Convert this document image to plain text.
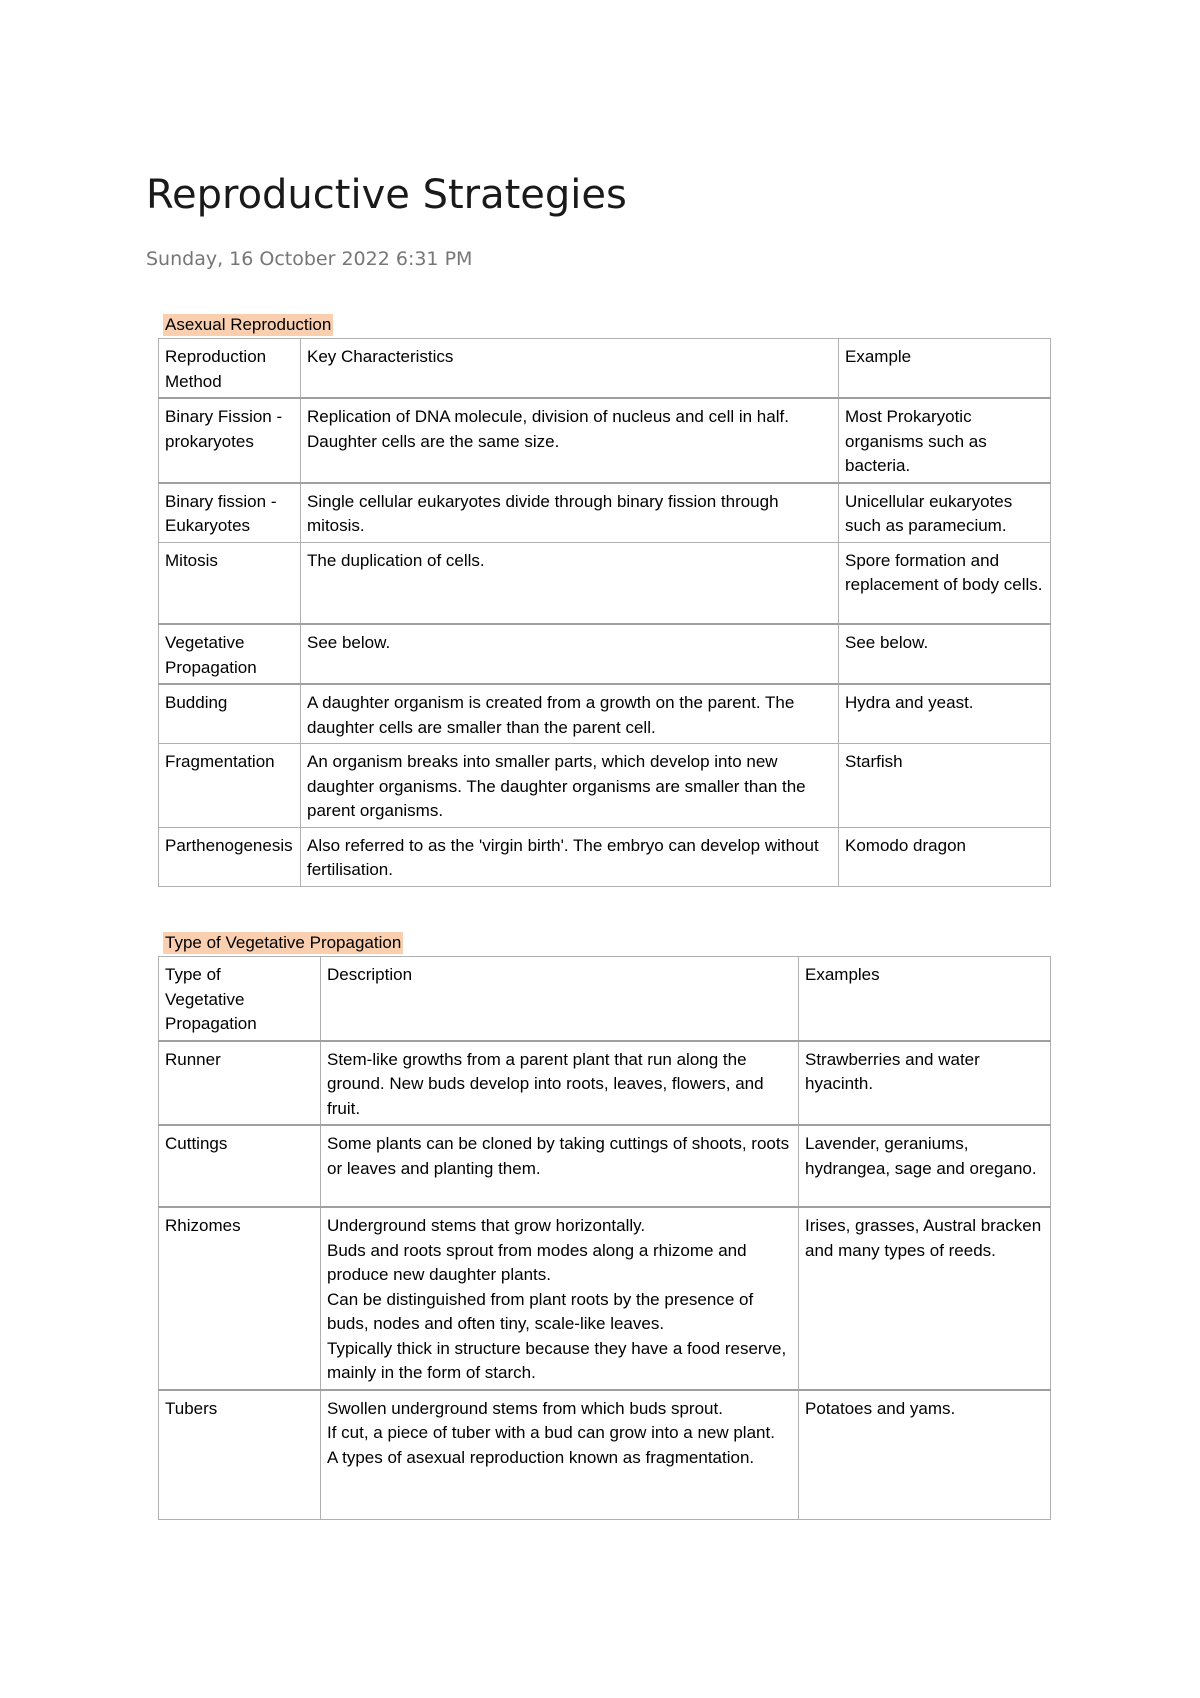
Reproductive Strategies
Sunday, 16 October 2022 6:31 PM
Asexual Reproduction
Reproduction Method	Key Characteristics	Example
Binary Fission - prokaryotes	Replication of DNA molecule, division of nucleus and cell in half. Daughter cells are the same size.	Most Prokaryotic organisms such as bacteria.
Binary fission - Eukaryotes	Single cellular eukaryotes divide through binary fission through mitosis.	Unicellular eukaryotes such as paramecium.
Mitosis	The duplication of cells.	Spore formation and replacement of body cells.
Vegetative Propagation	See below.	See below.
Budding	A daughter organism is created from a growth on the parent. The daughter cells are smaller than the parent cell.	Hydra and yeast.
Fragmentation	An organism breaks into smaller parts, which develop into new daughter organisms. The daughter organisms are smaller than the parent organisms.	Starfish
Parthenogenesis	Also referred to as the 'virgin birth'. The embryo can develop without fertilisation.	Komodo dragon
Type of Vegetative Propagation
Type of Vegetative Propagation	Description	Examples
Runner	Stem-like growths from a parent plant that run along the ground. New buds develop into roots, leaves, flowers, and fruit.	Strawberries and water hyacinth.
Cuttings	Some plants can be cloned by taking cuttings of shoots, roots or leaves and planting them.	Lavender, geraniums, hydrangea, sage and oregano.
Rhizomes	Underground stems that grow horizontally.
Buds and roots sprout from modes along a rhizome and produce new daughter plants.
Can be distinguished from plant roots by the presence of buds, nodes and often tiny, scale-like leaves.
Typically thick in structure because they have a food reserve, mainly in the form of starch.	Irises, grasses, Austral bracken and many types of reeds.
Tubers	Swollen underground stems from which buds sprout.
If cut, a piece of tuber with a bud can grow into a new plant.
A types of asexual reproduction known as fragmentation.	Potatoes and yams.
